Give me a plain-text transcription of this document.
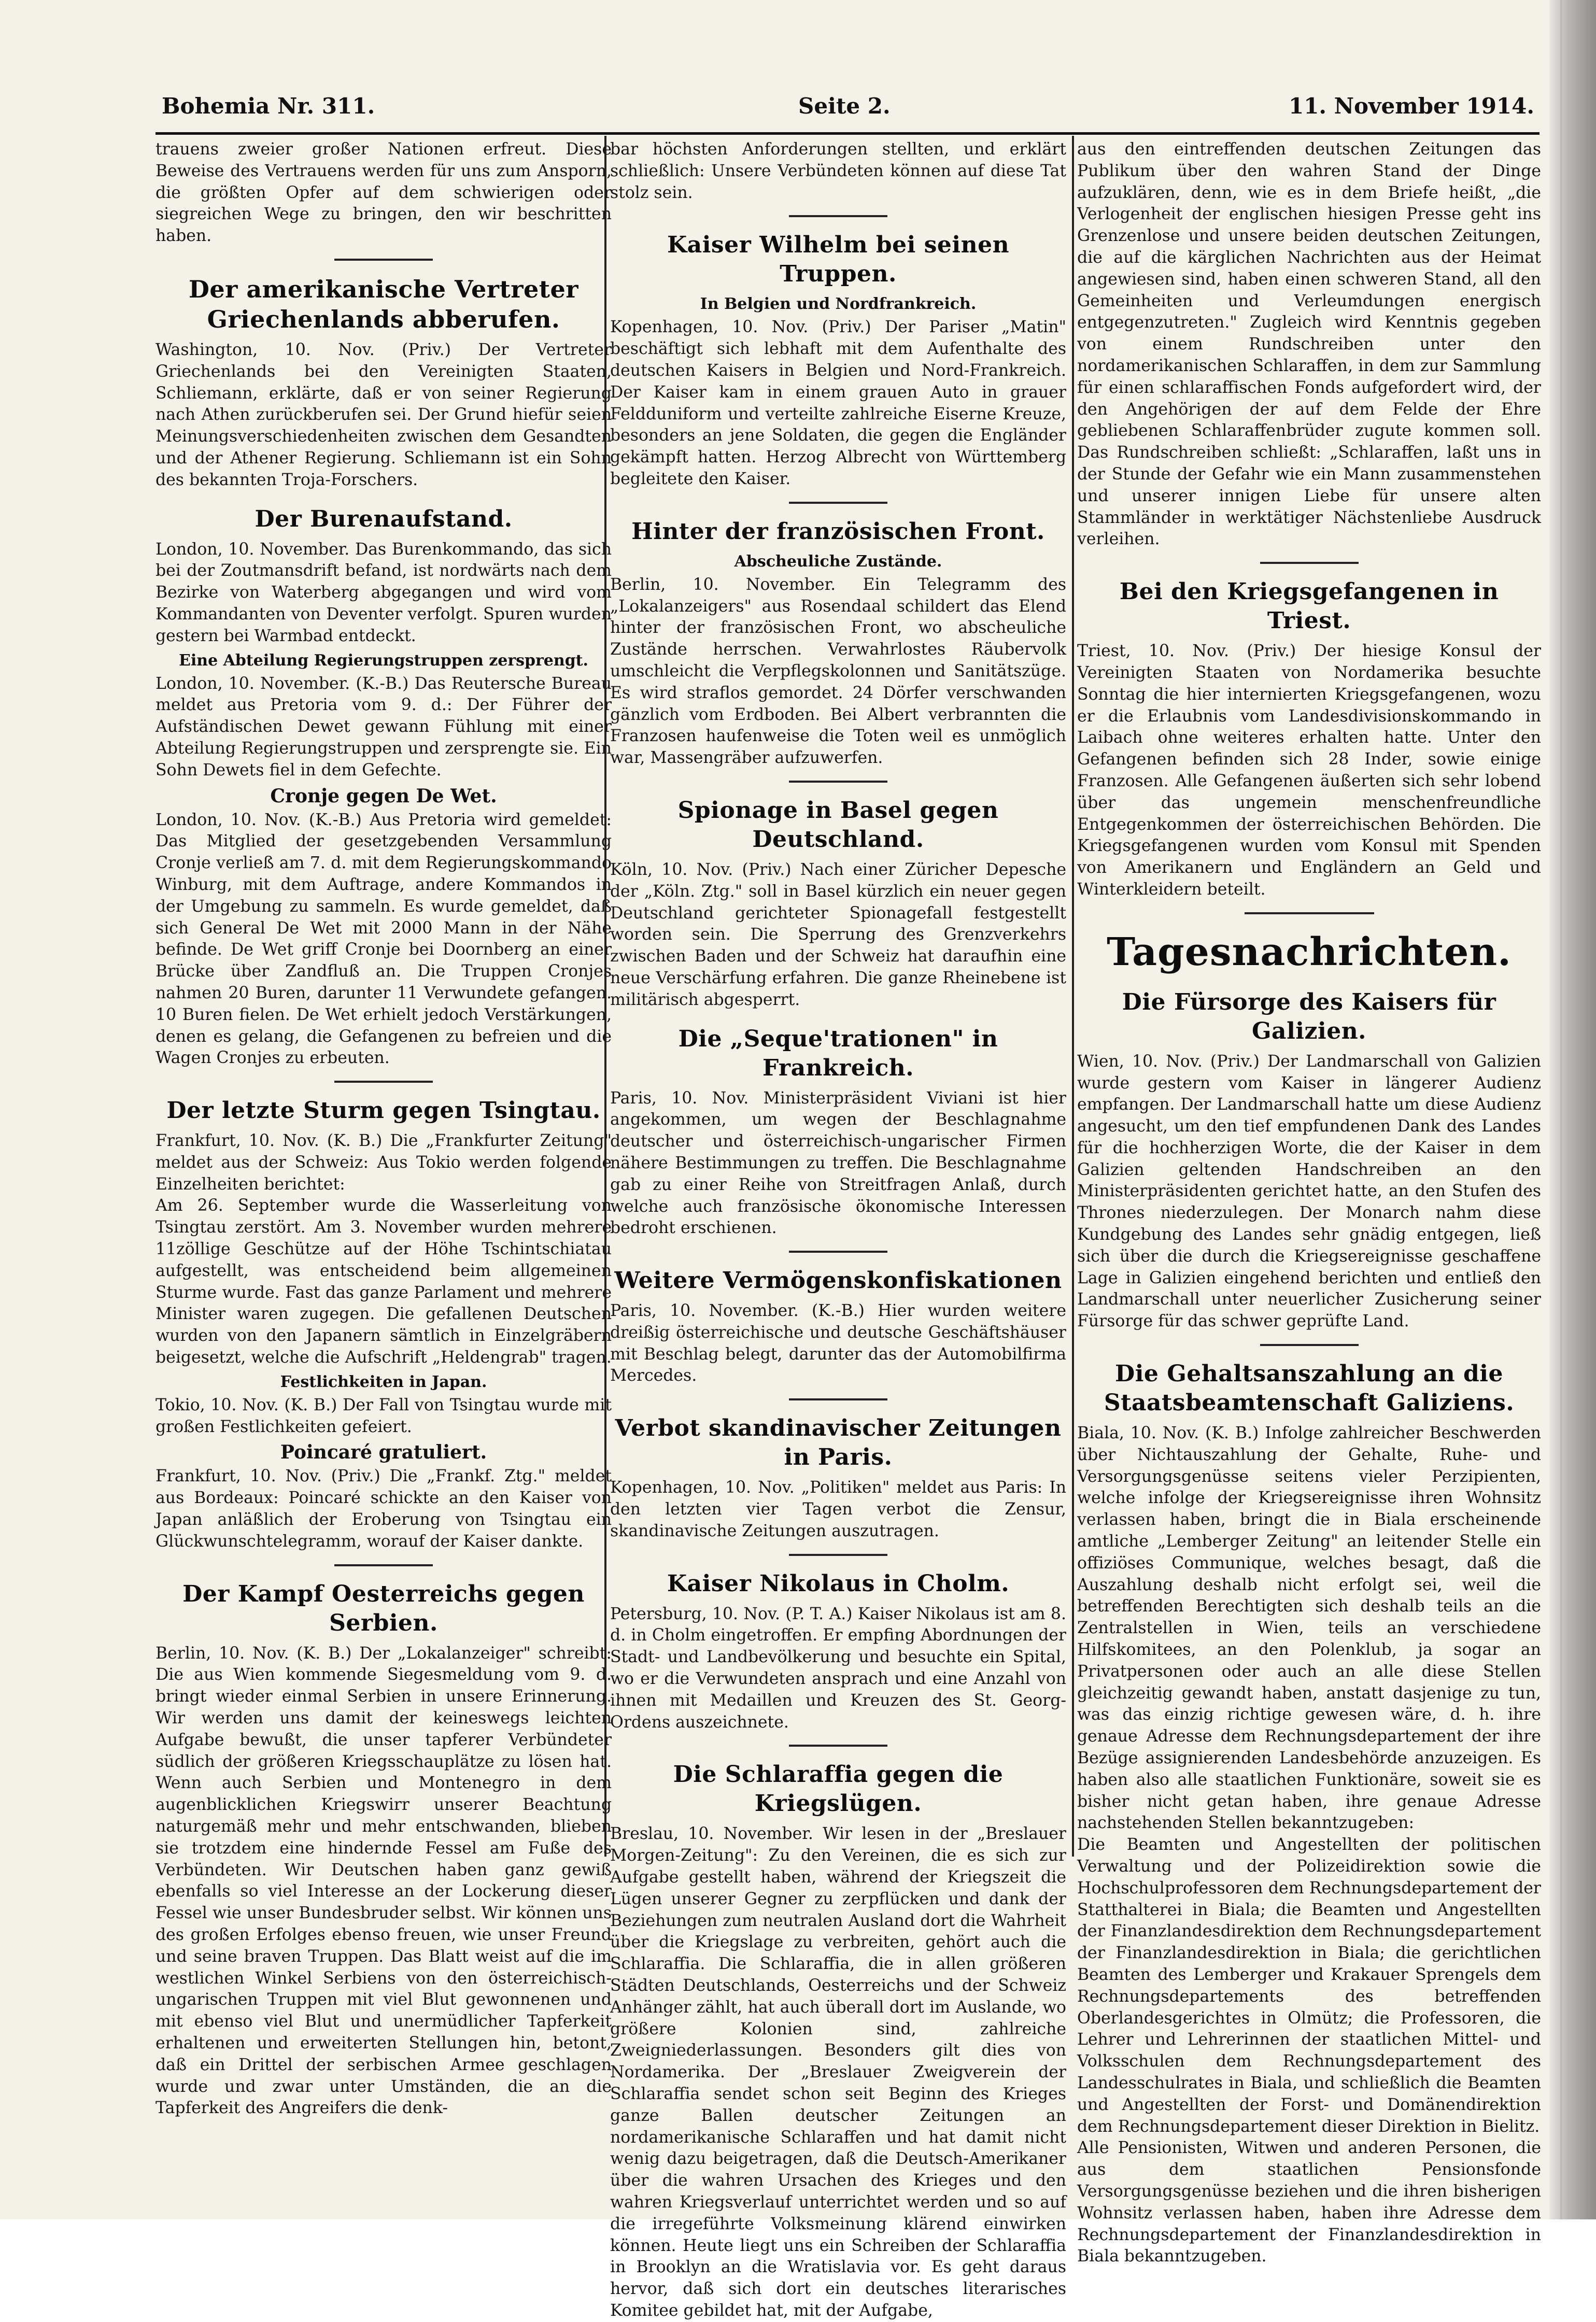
Bohemia Nr. 311.	Seite 2.	11. November 1914.

trauens zweier großer Nationen erfreut. Diese Beweise des Vertrauens werden für uns zum Ansporn, die größten Opfer auf dem schwierigen oder siegreichen Wege zu bringen, den wir beschritten haben.

Der amerikanische Vertreter Griechenlands abberufen.

Washington, 10. Nov. (Priv.) Der Vertreter Griechenlands bei den Vereinigten Staaten, Schliemann, erklärte, daß er von seiner Regierung nach Athen zurückberufen sei. Der Grund hiefür seien Meinungsverschiedenheiten zwischen dem Gesandten und der Athener Regierung. Schliemann ist ein Sohn des bekannten Troja-Forschers.

Der Burenaufstand.

London, 10. November. Das Burenkommando, das sich bei der Zoutmansdrift befand, ist nordwärts nach dem Bezirke von Waterberg abgegangen und wird vom Kommandanten von Deventer verfolgt. Spuren wurden gestern bei Warmbad entdeckt.

Eine Abteilung Regierungstruppen zersprengt.

London, 10. November. (K.-B.) Das Reutersche Bureau meldet aus Pretoria vom 9. d.: Der Führer der Aufständischen Dewet gewann Fühlung mit einer Abteilung Regierungstruppen und zersprengte sie. Ein Sohn Dewets fiel in dem Gefechte.

Cronje gegen De Wet.

London, 10. Nov. (K.-B.) Aus Pretoria wird gemeldet: Das Mitglied der gesetzgebenden Versammlung Cronje verließ am 7. d. mit dem Regierungskommando Winburg, mit dem Auftrage, andere Kommandos in der Umgebung zu sammeln. Es wurde gemeldet, daß sich General De Wet mit 2000 Mann in der Nähe befinde. De Wet griff Cronje bei Doornberg an einer Brücke über Zandfluß an. Die Truppen Cronjes nahmen 20 Buren, darunter 11 Verwundete gefangen. 10 Buren fielen. De Wet erhielt jedoch Verstärkungen, denen es gelang, die Gefangenen zu befreien und die Wagen Cronjes zu erbeuten.

Der letzte Sturm gegen Tsingtau.

Frankfurt, 10. Nov. (K. B.) Die „Frankfurter Zeitung" meldet aus der Schweiz: Aus Tokio werden folgende Einzelheiten berichtet:

Am 26. September wurde die Wasserleitung von Tsingtau zerstört. Am 3. November wurden mehrere 11zöllige Geschütze auf der Höhe Tschintschiatau aufgestellt, was entscheidend beim allgemeinen Sturme wurde. Fast das ganze Parlament und mehrere Minister waren zugegen. Die gefallenen Deutschen wurden von den Japanern sämtlich in Einzelgräbern beigesetzt, welche die Aufschrift „Heldengrab" tragen.

Festlichkeiten in Japan.

Tokio, 10. Nov. (K. B.) Der Fall von Tsingtau wurde mit großen Festlichkeiten gefeiert.

Poincaré gratuliert.

Frankfurt, 10. Nov. (Priv.) Die „Frankf. Ztg." meldet aus Bordeaux: Poincaré schickte an den Kaiser von Japan anläßlich der Eroberung von Tsingtau ein Glückwunschtelegramm, worauf der Kaiser dankte.

Der Kampf Oesterreichs gegen Serbien.

Berlin, 10. Nov. (K. B.) Der „Lokalanzeiger" schreibt: Die aus Wien kommende Siegesmeldung vom 9. d. bringt wieder einmal Serbien in unsere Erinnerung. Wir werden uns damit der keineswegs leichten Aufgabe bewußt, die unser tapferer Verbündeter südlich der größeren Kriegsschauplätze zu lösen hat. Wenn auch Serbien und Montenegro in dem augenblicklichen Kriegswirr unserer Beachtung naturgemäß mehr und mehr entschwanden, blieben sie trotzdem eine hindernde Fessel am Fuße des Verbündeten. Wir Deutschen haben ganz gewiß ebenfalls so viel Interesse an der Lockerung dieser Fessel wie unser Bundesbruder selbst. Wir können uns des großen Erfolges ebenso freuen, wie unser Freund und seine braven Truppen. Das Blatt weist auf die im westlichen Winkel Serbiens von den österreichisch-ungarischen Truppen mit viel Blut gewonnenen und mit ebenso viel Blut und unermüdlicher Tapferkeit erhaltenen und erweiterten Stellungen hin, betont, daß ein Drittel der serbischen Armee geschlagen wurde und zwar unter Umständen, die an die Tapferkeit des Angreifers die denk-

bar höchsten Anforderungen stellten, und erklärt schließlich: Unsere Verbündeten können auf diese Tat stolz sein.

Kaiser Wilhelm bei seinen Truppen.
In Belgien und Nordfrankreich.

Kopenhagen, 10. Nov. (Priv.) Der Pariser „Matin" beschäftigt sich lebhaft mit dem Aufenthalte des deutschen Kaisers in Belgien und Nord-Frankreich. Der Kaiser kam in einem grauen Auto in grauer Feldduniform und verteilte zahlreiche Eiserne Kreuze, besonders an jene Soldaten, die gegen die Engländer gekämpft hatten. Herzog Albrecht von Württemberg begleitete den Kaiser.

Hinter der französischen Front.
Abscheuliche Zustände.

Berlin, 10. November. Ein Telegramm des „Lokalanzeigers" aus Rosendaal schildert das Elend hinter der französischen Front, wo abscheuliche Zustände herrschen. Verwahrlostes Räubervolk umschleicht die Verpflegskolonnen und Sanitätszüge. Es wird straflos gemordet. 24 Dörfer verschwanden gänzlich vom Erdboden. Bei Albert verbrannten die Franzosen haufenweise die Toten weil es unmöglich war, Massengräber aufzuwerfen.

Spionage in Basel gegen Deutschland.

Köln, 10. Nov. (Priv.) Nach einer Züricher Depesche der „Köln. Ztg." soll in Basel kürzlich ein neuer gegen Deutschland gerichteter Spionagefall festgestellt worden sein. Die Sperrung des Grenzverkehrs zwischen Baden und der Schweiz hat daraufhin eine neue Verschärfung erfahren. Die ganze Rheinebene ist militärisch abgesperrt.

Die „Seque'trationen" in Frankreich.

Paris, 10. Nov. Ministerpräsident Viviani ist hier angekommen, um wegen der Beschlagnahme deutscher und österreichisch-ungarischer Firmen nähere Bestimmungen zu treffen. Die Beschlagnahme gab zu einer Reihe von Streitfragen Anlaß, durch welche auch französische ökonomische Interessen bedroht erschienen.

Weitere Vermögenskonfiskationen

Paris, 10. November. (K.-B.) Hier wurden weitere dreißig österreichische und deutsche Geschäftshäuser mit Beschlag belegt, darunter das der Automobilfirma Mercedes.

Verbot skandinavischer Zeitungen in Paris.

Kopenhagen, 10. Nov. „Politiken" meldet aus Paris: In den letzten vier Tagen verbot die Zensur, skandinavische Zeitungen auszutragen.

Kaiser Nikolaus in Cholm.

Petersburg, 10. Nov. (P. T. A.) Kaiser Nikolaus ist am 8. d. in Cholm eingetroffen. Er empfing Abordnungen der Stadt- und Landbevölkerung und besuchte ein Spital, wo er die Verwundeten ansprach und eine Anzahl von ihnen mit Medaillen und Kreuzen des St. Georg-Ordens auszeichnete.

Die Schlaraffia gegen die Kriegslügen.

Breslau, 10. November. Wir lesen in der „Breslauer Morgen-Zeitung": Zu den Vereinen, die es sich zur Aufgabe gestellt haben, während der Kriegszeit die Lügen unserer Gegner zu zerpflücken und dank der Beziehungen zum neutralen Ausland dort die Wahrheit über die Kriegslage zu verbreiten, gehört auch die Schlaraffia. Die Schlaraffia, die in allen größeren Städten Deutschlands, Oesterreichs und der Schweiz Anhänger zählt, hat auch überall dort im Auslande, wo größere Kolonien sind, zahlreiche Zweigniederlassungen. Besonders gilt dies von Nordamerika. Der „Breslauer Zweigverein der Schlaraffia sendet schon seit Beginn des Krieges ganze Ballen deutscher Zeitungen an nordamerikanische Schlaraffen und hat damit nicht wenig dazu beigetragen, daß die Deutsch-Amerikaner über die wahren Ursachen des Krieges und den wahren Kriegsverlauf unterrichtet werden und so auf die irregeführte Volksmeinung klärend einwirken können. Heute liegt uns ein Schreiben der Schlaraffia in Brooklyn an die Wratislavia vor. Es geht daraus hervor, daß sich dort ein deutsches literarisches Komitee gebildet hat, mit der Aufgabe,

aus den eintreffenden deutschen Zeitungen das Publikum über den wahren Stand der Dinge aufzuklären, denn, wie es in dem Briefe heißt, „die Verlogenheit der englischen hiesigen Presse geht ins Grenzenlose und unsere beiden deutschen Zeitungen, die auf die kärglichen Nachrichten aus der Heimat angewiesen sind, haben einen schweren Stand, all den Gemeinheiten und Verleumdungen energisch entgegenzutreten." Zugleich wird Kenntnis gegeben von einem Rundschreiben unter den nordamerikanischen Schlaraffen, in dem zur Sammlung für einen schlaraffischen Fonds aufgefordert wird, der den Angehörigen der auf dem Felde der Ehre gebliebenen Schlaraffenbrüder zugute kommen soll. Das Rundschreiben schließt: „Schlaraffen, laßt uns in der Stunde der Gefahr wie ein Mann zusammenstehen und unserer innigen Liebe für unsere alten Stammländer in werktätiger Nächstenliebe Ausdruck verleihen.

Bei den Kriegsgefangenen in Triest.

Triest, 10. Nov. (Priv.) Der hiesige Konsul der Vereinigten Staaten von Nordamerika besuchte Sonntag die hier internierten Kriegsgefangenen, wozu er die Erlaubnis vom Landesdivisionskommando in Laibach ohne weiteres erhalten hatte. Unter den Gefangenen befinden sich 28 Inder, sowie einige Franzosen. Alle Gefangenen äußerten sich sehr lobend über das ungemein menschenfreundliche Entgegenkommen der österreichischen Behörden. Die Kriegsgefangenen wurden vom Konsul mit Spenden von Amerikanern und Engländern an Geld und Winterkleidern beteilt.

Tagesnachrichten.
Die Fürsorge des Kaisers für Galizien.

Wien, 10. Nov. (Priv.) Der Landmarschall von Galizien wurde gestern vom Kaiser in längerer Audienz empfangen. Der Landmarschall hatte um diese Audienz angesucht, um den tief empfundenen Dank des Landes für die hochherzigen Worte, die der Kaiser in dem Galizien geltenden Handschreiben an den Ministerpräsidenten gerichtet hatte, an den Stufen des Thrones niederzulegen. Der Monarch nahm diese Kundgebung des Landes sehr gnädig entgegen, ließ sich über die durch die Kriegsereignisse geschaffene Lage in Galizien eingehend berichten und entließ den Landmarschall unter neuerlicher Zusicherung seiner Fürsorge für das schwer geprüfte Land.

Die Gehaltsanszahlung an die Staatsbeamtenschaft Galiziens.

Biala, 10. Nov. (K. B.) Infolge zahlreicher Beschwerden über Nichtauszahlung der Gehalte, Ruhe- und Versorgungsgenüsse seitens vieler Perzipienten, welche infolge der Kriegsereignisse ihren Wohnsitz verlassen haben, bringt die in Biala erscheinende amtliche „Lemberger Zeitung" an leitender Stelle ein offiziöses Communique, welches besagt, daß die Auszahlung deshalb nicht erfolgt sei, weil die betreffenden Berechtigten sich deshalb teils an die Zentralstellen in Wien, teils an verschiedene Hilfskomitees, an den Polenklub, ja sogar an Privatpersonen oder auch an alle diese Stellen gleichzeitig gewandt haben, anstatt dasjenige zu tun, was das einzig richtige gewesen wäre, d. h. ihre genaue Adresse dem Rechnungsdepartement der ihre Bezüge assignierenden Landesbehörde anzuzeigen. Es haben also alle staatlichen Funktionäre, soweit sie es bisher nicht getan haben, ihre genaue Adresse nachstehenden Stellen bekanntzugeben:

Die Beamten und Angestellten der politischen Verwaltung und der Polizeidirektion sowie die Hochschulprofessoren dem Rechnungsdepartement der Statthalterei in Biala; die Beamten und Angestellten der Finanzlandesdirektion dem Rechnungsdepartement der Finanzlandesdirektion in Biala; die gerichtlichen Beamten des Lemberger und Krakauer Sprengels dem Rechnungsdepartements des betreffenden Oberlandesgerichtes in Olmütz; die Professoren, die Lehrer und Lehrerinnen der staatlichen Mittel- und Volksschulen dem Rechnungsdepartement des Landesschulrates in Biala, und schließlich die Beamten und Angestellten der Forst- und Domänendirektion dem Rechnungsdepartement dieser Direktion in Bielitz.

Alle Pensionisten, Witwen und anderen Personen, die aus dem staatlichen Pensionsfonde Versorgungsgenüsse beziehen und die ihren bisherigen Wohnsitz verlassen haben, haben ihre Adresse dem Rechnungsdepartement der Finanzlandesdirektion in Biala bekanntzugeben.
